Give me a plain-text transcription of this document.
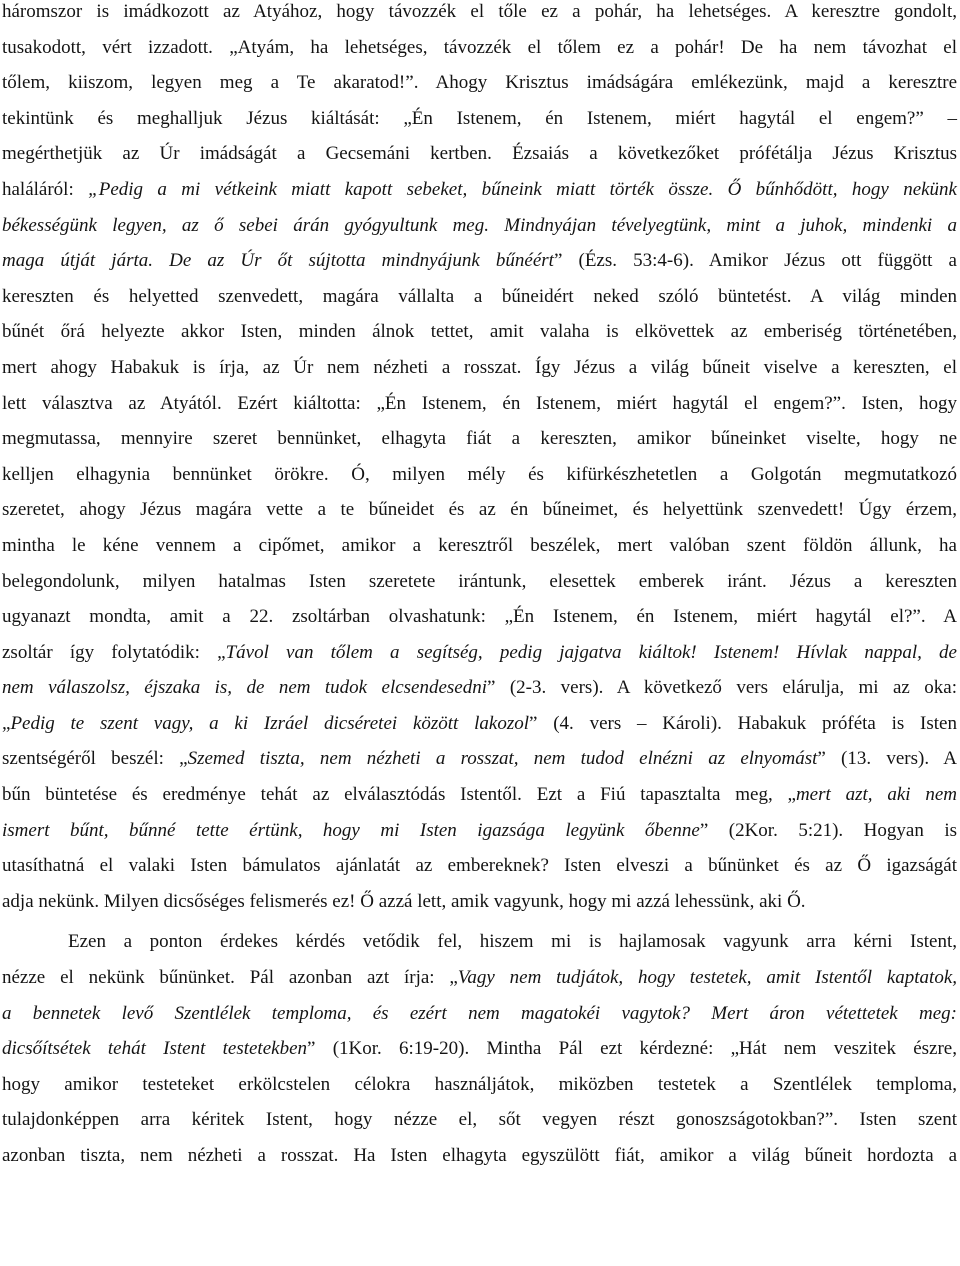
háromszor is imádkozott az Atyához, hogy távozzék el tőle ez a pohár, ha lehetséges. A keresztre gondolt,
tusakodott, vért izzadott. „Atyám, ha lehetséges, távozzék el tőlem ez a pohár! De ha nem távozhat el
tőlem, kiiszom, legyen meg a Te akaratod!”. Ahogy Krisztus imádságára emlékezünk, majd a keresztre
tekintünk és meghalljuk Jézus kiáltását: „Én Istenem, én Istenem, miért hagytál el engem?” –
megérthetjük az Úr imádságát a Gecsemáni kertben. Ézsaiás a következőket prófétálja Jézus Krisztus
haláláról: „Pedig a mi vétkeink miatt kapott sebeket, bűneink miatt törték össze. Ő bűnhődött, hogy nekünk
békességünk legyen, az ő sebei árán gyógyultunk meg. Mindnyájan tévelyegtünk, mint a juhok, mindenki a
maga útját járta. De az Úr őt sújtotta mindnyájunk bűnéért” (Ézs. 53:4-6). Amikor Jézus ott függött a
kereszten és helyetted szenvedett, magára vállalta a bűneidért neked szóló büntetést. A világ minden
bűnét őrá helyezte akkor Isten, minden álnok tettet, amit valaha is elkövettek az emberiség történetében,
mert ahogy Habakuk is írja, az Úr nem nézheti a rosszat. Így Jézus a világ bűneit viselve a kereszten, el
lett választva az Atyától. Ezért kiáltotta: „Én Istenem, én Istenem, miért hagytál el engem?”. Isten, hogy
megmutassa, mennyire szeret bennünket, elhagyta fiát a kereszten, amikor bűneinket viselte, hogy ne
kelljen elhagynia bennünket örökre. Ó, milyen mély és kifürkészhetetlen a Golgotán megmutatkozó
szeretet, ahogy Jézus magára vette a te bűneidet és az én bűneimet, és helyettünk szenvedett! Úgy érzem,
mintha le kéne vennem a cipőmet, amikor a keresztről beszélek, mert valóban szent földön állunk, ha
belegondolunk, milyen hatalmas Isten szeretete irántunk, elesettek emberek iránt. Jézus a kereszten
ugyanazt mondta, amit a 22. zsoltárban olvashatunk: „Én Istenem, én Istenem, miért hagytál el?”. A
zsoltár így folytatódik: „Távol van tőlem a segítség, pedig jajgatva kiáltok! Istenem! Hívlak nappal, de
nem válaszolsz, éjszaka is, de nem tudok elcsendesedni” (2-3. vers). A következő vers elárulja, mi az oka:
„Pedig te szent vagy, a ki Izráel dicséretei között lakozol” (4. vers – Károli). Habakuk próféta is Isten
szentségéről beszél: „Szemed tiszta, nem nézheti a rosszat, nem tudod elnézni az elnyomást” (13. vers). A
bűn büntetése és eredménye tehát az elválasztódás Istentől. Ezt a Fiú tapasztalta meg, „mert azt, aki nem
ismert bűnt, bűnné tette értünk, hogy mi Isten igazsága legyünk őbenne” (2Kor. 5:21). Hogyan is
utasíthatná el valaki Isten bámulatos ajánlatát az embereknek? Isten elveszi a bűnünket és az Ő igazságát
adja nekünk. Milyen dicsőséges felismerés ez! Ő azzá lett, amik vagyunk, hogy mi azzá lehessünk, aki Ő.
Ezen a ponton érdekes kérdés vetődik fel, hiszem mi is hajlamosak vagyunk arra kérni Istent,
nézze el nekünk bűnünket. Pál azonban azt írja: „Vagy nem tudjátok, hogy testetek, amit Istentől kaptatok,
a bennetek levő Szentlélek temploma, és ezért nem magatokéi vagytok? Mert áron vétettetek meg:
dicsőítsétek tehát Istent testetekben” (1Kor. 6:19-20). Mintha Pál ezt kérdezné: „Hát nem veszitek észre,
hogy amikor testeteket erkölcstelen célokra használjátok, miközben testetek a Szentlélek temploma,
tulajdonképpen arra kéritek Istent, hogy nézze el, sőt vegyen részt gonoszságotokban?”. Isten szent
azonban tiszta, nem nézheti a rosszat. Ha Isten elhagyta egyszülött fiát, amikor a világ bűneit hordozta a
